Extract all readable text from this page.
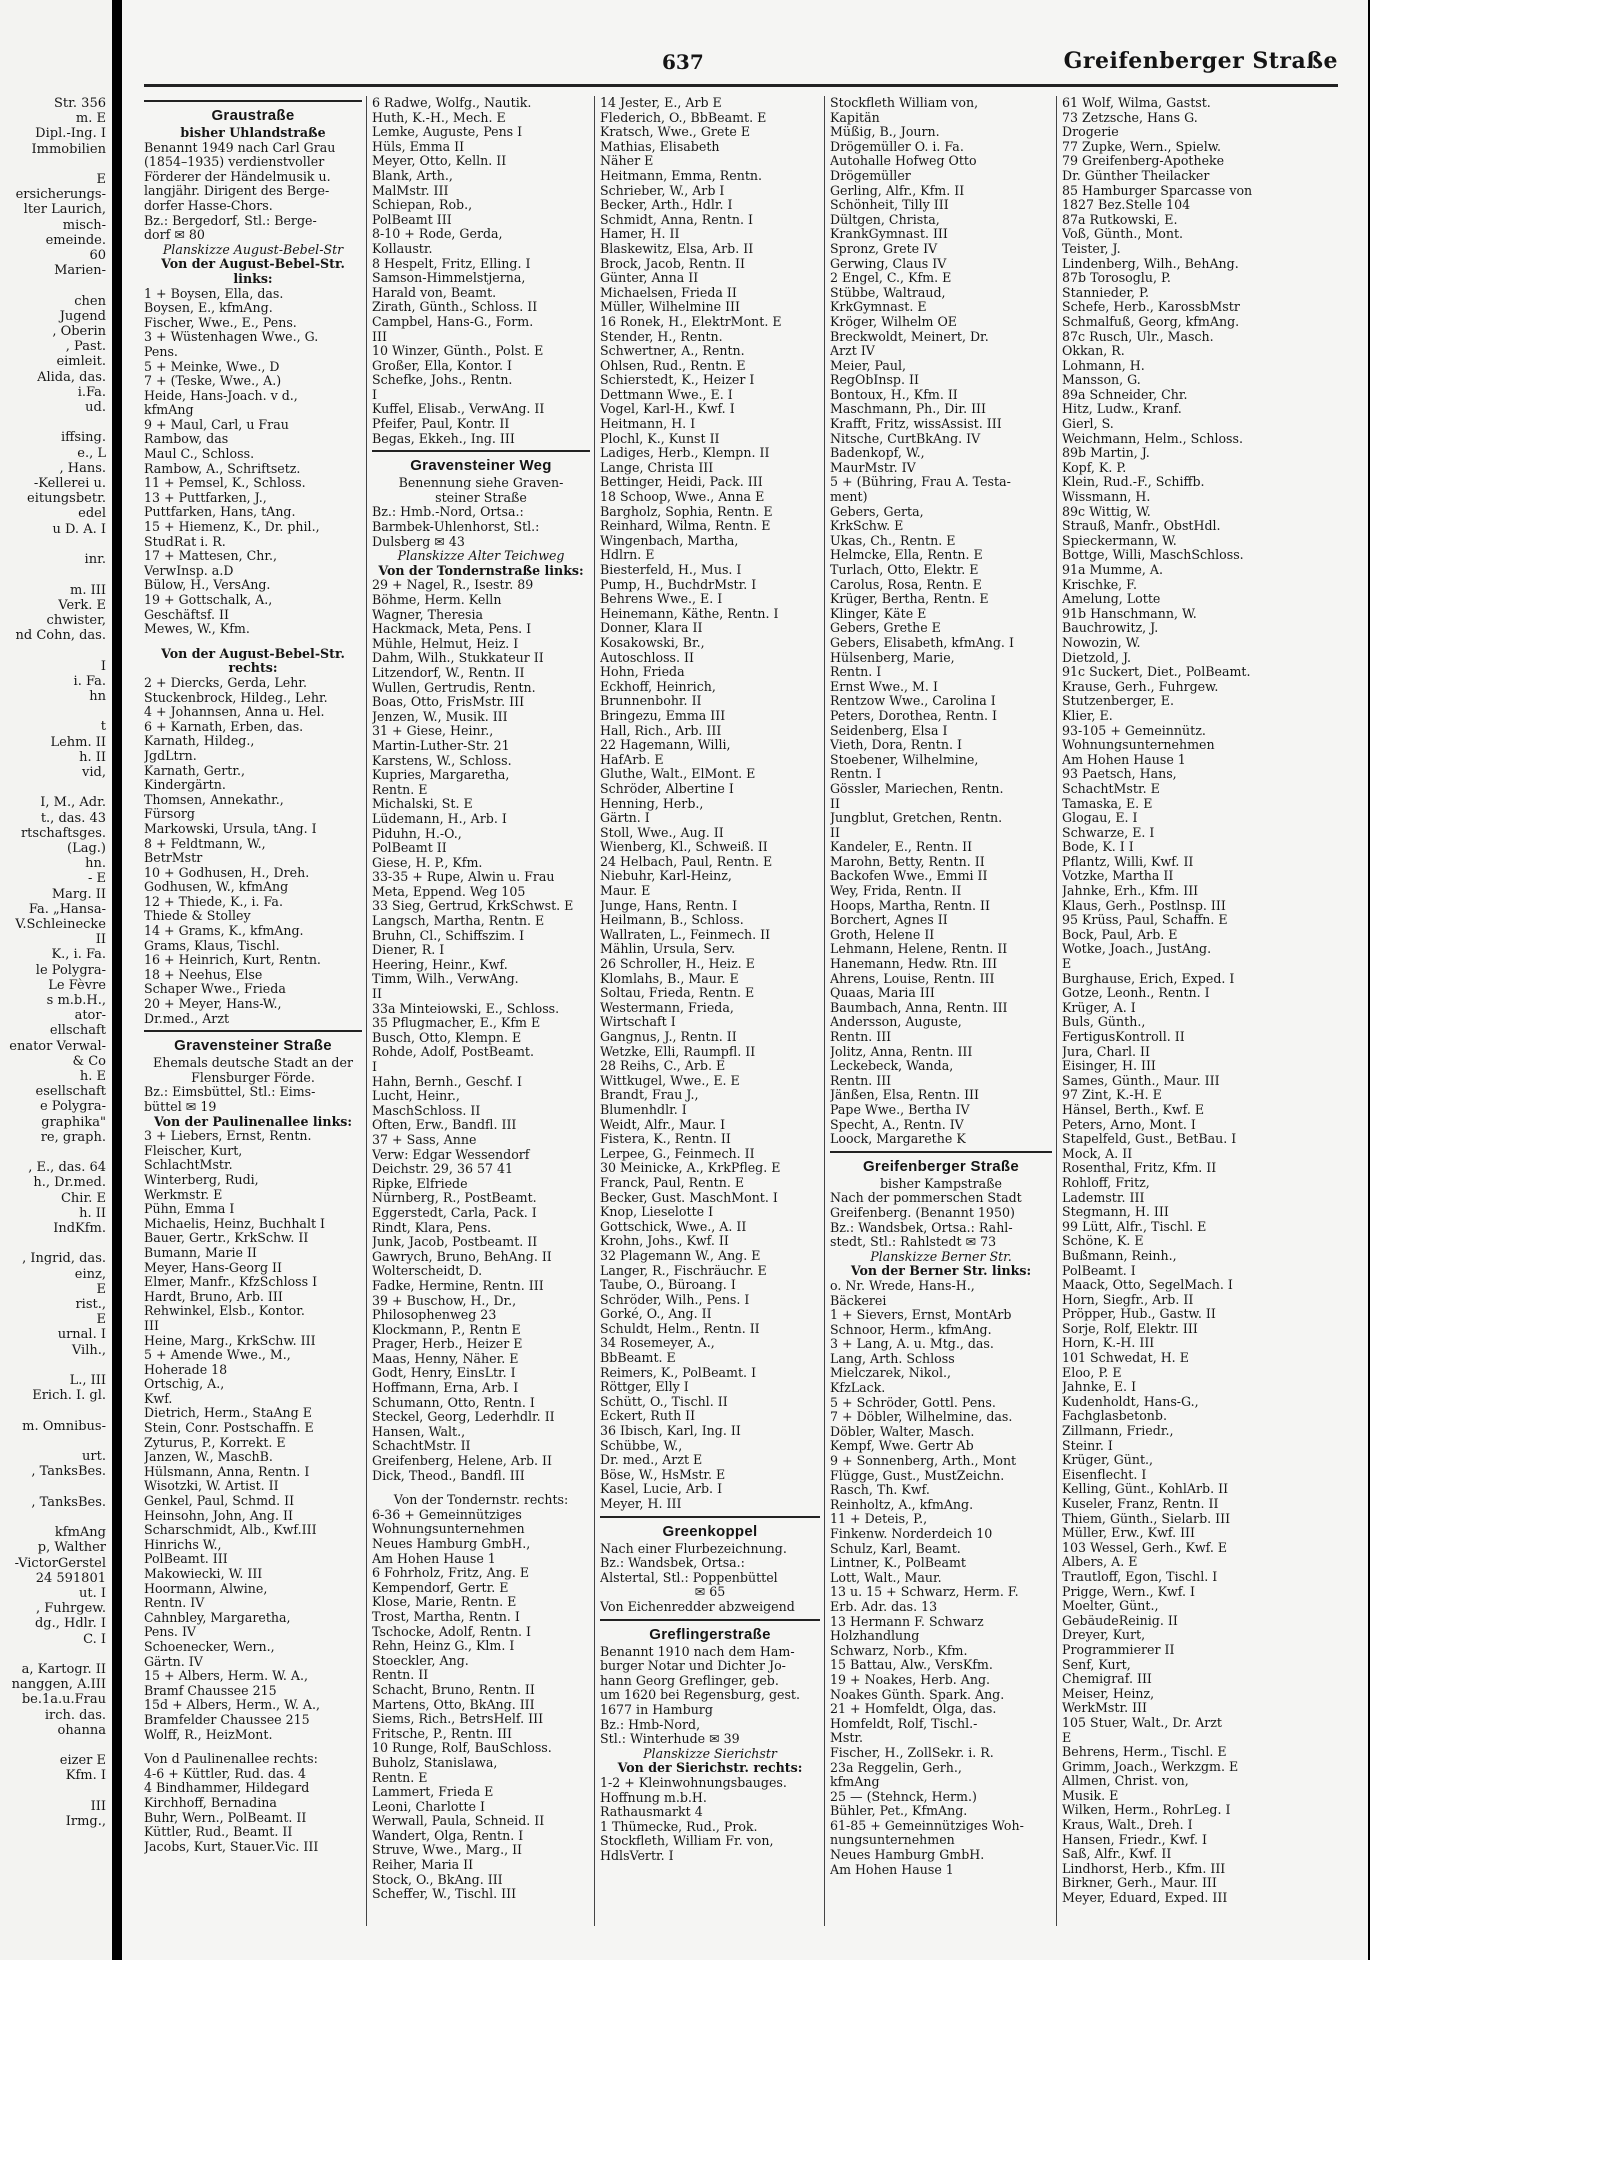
Str. 356
m. E
Dipl.-Ing. I
Immobilien

E
ersicherungs-
lter Laurich,
misch-
emeinde.
60
Marien-

chen
Jugend
, Oberin
, Past.
eimleit.
Alida, das.
i.Fa.
ud.

iffsing.
e., L
, Hans.
-Kellerei u.
eitungsbetr.
edel
u D. A. I

inr.

m. III
Verk. E
chwister,
nd Cohn, das.

I
i. Fa.
hn

t
Lehm. II
h. II
vid,

I, M., Adr.
t., das. 43
rtschaftsges.
(Lag.)
hn.
- E
Marg. II
Fa. „Hansa-
V.Schleinecke
II
K., i. Fa.
le Polygra-
Le Fèvre
s m.b.H.,
ator-
ellschaft
enator Verwal-
& Co
h. E
esellschaft
e Polygra-
graphika"
re, graph.

, E., das. 64
h., Dr.med.
Chir. E
h. II
IndKfm.

, Ingrid, das.
einz,
E
rist.,
E
urnal. I
Vilh.,

L., III
Erich. I. gl.

m. Omnibus-

urt.
, TanksBes.

, TanksBes.

kfmAng
p, Walther
-VictorGerstel
24 591801
ut. I
, Fuhrgew.
dg., Hdlr. I
C. I

a, Kartogr. II
nanggen, A.III
be.1a.u.Frau
irch. das.
ohanna

eizer E
Kfm. I

III
Irmg.,
637	Greifenberger Straße
Graustraße
bisher Uhlandstraße
Benannt 1949 nach Carl Grau
(1854–1935) verdienstvoller
Förderer der Händelmusik u.
langjähr. Dirigent des Berge-
dorfer Hasse-Chors.
Bz.: Bergedorf, Stl.: Berge-
dorf ✉ 80
Planskizze August-Bebel-Str
Von der August-Bebel-Str.
links:
1 + Boysen, Ella, das.
Boysen, E., kfmAng.
Fischer, Wwe., E., Pens.
3 + Wüstenhagen Wwe., G.
Pens.
5 + Meinke, Wwe., D
7 + (Teske, Wwe., A.)
Heide, Hans-Joach. v d.,
kfmAng
9 + Maul, Carl, u Frau
Rambow, das
Maul C., Schloss.
Rambow, A., Schriftsetz.
11 + Pemsel, K., Schloss.
13 + Puttfarken, J.,
Puttfarken, Hans, tAng.
15 + Hiemenz, K., Dr. phil.,
StudRat i. R.
17 + Mattesen, Chr.,
VerwInsp. a.D
Bülow, H., VersAng.
19 + Gottschalk, A.,
Geschäftsf. II
Mewes, W., Kfm.
Von der August-Bebel-Str.
rechts:
2 + Diercks, Gerda, Lehr.
Stuckenbrock, Hildeg., Lehr.
4 + Johannsen, Anna u. Hel.
6 + Karnath, Erben, das.
Karnath, Hildeg.,
JgdLtrn.
Karnath, Gertr.,
Kindergärtn.
Thomsen, Annekathr.,
Fürsorg
Markowski, Ursula, tAng. I
8 + Feldtmann, W.,
BetrMstr
10 + Godhusen, H., Dreh.
Godhusen, W., kfmAng
12 + Thiede, K., i. Fa.
Thiede & Stolley
14 + Grams, K., kfmAng.
Grams, Klaus, Tischl.
16 + Heinrich, Kurt, Rentn.
18 + Neehus, Else
Schaper Wwe., Frieda
20 + Meyer, Hans-W.,
Dr.med., Arzt
Gravensteiner Straße
Ehemals deutsche Stadt an der
Flensburger Förde.
Bz.: Eimsbüttel, Stl.: Eims-
büttel ✉ 19
Von der Paulinenallee links:
3 + Liebers, Ernst, Rentn.
Fleischer, Kurt,
SchlachtMstr.
Winterberg, Rudi,
Werkmstr. E
Pühn, Emma I
Michaelis, Heinz, Buchhalt I
Bauer, Gertr., KrkSchw. II
Bumann, Marie II
Meyer, Hans-Georg II
Elmer, Manfr., KfzSchloss I
Hardt, Bruno, Arb. III
Rehwinkel, Elsb., Kontor.
III
Heine, Marg., KrkSchw. III
5 + Amende Wwe., M.,
Hoherade 18
Ortschig, A.,
Kwf.
Dietrich, Herm., StaAng E
Stein, Conr. Postschaffn. E
Zyturus, P., Korrekt. E
Janzen, W., MaschB.
Hülsmann, Anna, Rentn. I
Wisotzki, W. Artist. II
Genkel, Paul, Schmd. II
Heinsohn, John, Ang. II
Scharschmidt, Alb., Kwf.III
Hinrichs W.,
PolBeamt. III
Makowiecki, W. III
Hoormann, Alwine,
Rentn. IV
Cahnbley, Margaretha,
Pens. IV
Schoenecker, Wern.,
Gärtn. IV
15 + Albers, Herm. W. A.,
Bramf Chaussee 215
15d + Albers, Herm., W. A.,
Bramfelder Chaussee 215
Wolff, R., HeizMont.
Von d Paulinenallee rechts:
4-6 + Küttler, Rud. das. 4
4 Bindhammer, Hildegard
Kirchhoff, Bernadina
Buhr, Wern., PolBeamt. II
Küttler, Rud., Beamt. II
Jacobs, Kurt, Stauer.Vic. III
6 Radwe, Wolfg., Nautik.
Huth, K.-H., Mech. E
Lemke, Auguste, Pens I
Hüls, Emma II
Meyer, Otto, Kelln. II
Blank, Arth.,
MalMstr. III
Schiepan, Rob.,
PolBeamt III
8-10 + Rode, Gerda,
Kollaustr.
8 Hespelt, Fritz, Elling. I
Samson-Himmelstjerna,
Harald von, Beamt.
Zirath, Günth., Schloss. II
Campbel, Hans-G., Form.
III
10 Winzer, Günth., Polst. E
Großer, Ella, Kontor. I
Schefke, Johs., Rentn.
I
Kuffel, Elisab., VerwAng. II
Pfeifer, Paul, Kontr. II
Begas, Ekkeh., Ing. III
Gravensteiner Weg
Benennung siehe Graven-
steiner Straße
Bz.: Hmb.-Nord, Ortsa.:
Barmbek-Uhlenhorst, Stl.:
Dulsberg ✉ 43
Planskizze Alter Teichweg
Von der Tondernstraße links:
29 + Nagel, R., Isestr. 89
Böhme, Herm. Kelln
Wagner, Theresia
Hackmack, Meta, Pens. I
Mühle, Helmut, Heiz. I
Dahm, Wilh., Stukkateur II
Litzendorf, W., Rentn. II
Wullen, Gertrudis, Rentn.
Boas, Otto, FrisMstr. III
Jenzen, W., Musik. III
31 + Giese, Heinr.,
Martin-Luther-Str. 21
Karstens, W., Schloss.
Kupries, Margaretha,
Rentn. E
Michalski, St. E
Lüdemann, H., Arb. I
Piduhn, H.-O.,
PolBeamt II
Giese, H. P., Kfm.
33-35 + Rupe, Alwin u. Frau
Meta, Eppend. Weg 105
33 Sieg, Gertrud, KrkSchwst. E
Langsch, Martha, Rentn. E
Bruhn, Cl., Schiffszim. I
Diener, R. I
Heering, Heinr., Kwf.
Timm, Wilh., VerwAng.
II
33a Minteiowski, E., Schloss.
35 Pflugmacher, E., Kfm E
Busch, Otto, Klempn. E
Rohde, Adolf, PostBeamt.
I
Hahn, Bernh., Geschf. I
Lucht, Heinr.,
MaschSchloss. II
Often, Erw., Bandfl. III
37 + Sass, Anne
Verw: Edgar Wessendorf
Deichstr. 29, 36 57 41
Ripke, Elfriede
Nürnberg, R., PostBeamt.
Eggerstedt, Carla, Pack. I
Rindt, Klara, Pens.
Junk, Jacob, Postbeamt. II
Gawrych, Bruno, BehAng. II
Wolterscheidt, D.
Fadke, Hermine, Rentn. III
39 + Buschow, H., Dr.,
Philosophenweg 23
Klockmann, P., Rentn E
Prager, Herb., Heizer E
Maas, Henny, Näher. E
Godt, Henry, EinsLtr. I
Hoffmann, Erna, Arb. I
Schumann, Otto, Rentn. I
Steckel, Georg, Lederhdlr. II
Hansen, Walt.,
SchachtMstr. II
Greifenberg, Helene, Arb. II
Dick, Theod., Bandfl. III
Von der Tondernstr. rechts:
6-36 + Gemeinnütziges
Wohnungsunternehmen
Neues Hamburg GmbH.,
Am Hohen Hause 1
6 Fohrholz, Fritz, Ang. E
Kempendorf, Gertr. E
Klose, Marie, Rentn. E
Trost, Martha, Rentn. I
Tschocke, Adolf, Rentn. I
Rehn, Heinz G., Klm. I
Stoeckler, Ang.
Rentn. II
Schacht, Bruno, Rentn. II
Martens, Otto, BkAng. III
Siems, Rich., BetrsHelf. III
Fritsche, P., Rentn. III
10 Runge, Rolf, BauSchloss.
Buholz, Stanislawa,
Rentn. E
Lammert, Frieda E
Leoni, Charlotte I
Werwall, Paula, Schneid. II
Wandert, Olga, Rentn. I
Struve, Wwe., Marg., II
Reiher, Maria II
Stock, O., BkAng. III
Scheffer, W., Tischl. III
14 Jester, E., Arb E
Flederich, O., BbBeamt. E
Kratsch, Wwe., Grete E
Mathias, Elisabeth
Näher E
Heitmann, Emma, Rentn.
Schrieber, W., Arb I
Becker, Arth., Hdlr. I
Schmidt, Anna, Rentn. I
Hamer, H. II
Blaskewitz, Elsa, Arb. II
Brock, Jacob, Rentn. II
Günter, Anna II
Michaelsen, Frieda II
Müller, Wilhelmine III
16 Ronek, H., ElektrMont. E
Stender, H., Rentn.
Schwertner, A., Rentn.
Ohlsen, Rud., Rentn. E
Schierstedt, K., Heizer I
Dettmann Wwe., E. I
Vogel, Karl-H., Kwf. I
Heitmann, H. I
Plochl, K., Kunst II
Ladiges, Herb., Klempn. II
Lange, Christa III
Bettinger, Heidi, Pack. III
18 Schoop, Wwe., Anna E
Bargholz, Sophia, Rentn. E
Reinhard, Wilma, Rentn. E
Wingenbach, Martha,
Hdlrn. E
Biesterfeld, H., Mus. I
Pump, H., BuchdrMstr. I
Behrens Wwe., E. I
Heinemann, Käthe, Rentn. I
Donner, Klara II
Kosakowski, Br.,
Autoschloss. II
Hohn, Frieda
Eckhoff, Heinrich,
Brunnenbohr. II
Bringezu, Emma III
Hall, Rich., Arb. III
22 Hagemann, Willi,
HafArb. E
Gluthe, Walt., ElMont. E
Schröder, Albertine I
Henning, Herb.,
Gärtn. I
Stoll, Wwe., Aug. II
Wienberg, Kl., Schweiß. II
24 Helbach, Paul, Rentn. E
Niebuhr, Karl-Heinz,
Maur. E
Junge, Hans, Rentn. I
Heilmann, B., Schloss.
Wallraten, L., Feinmech. II
Mählin, Ursula, Serv.
26 Schroller, H., Heiz. E
Klomlahs, B., Maur. E
Soltau, Frieda, Rentn. E
Westermann, Frieda,
Wirtschaft I
Gangnus, J., Rentn. II
Wetzke, Elli, Raumpfl. II
28 Reihs, C., Arb. E
Wittkugel, Wwe., E. E
Brandt, Frau J.,
Blumenhdlr. I
Weidt, Alfr., Maur. I
Fistera, K., Rentn. II
Lerpee, G., Feinmech. II
30 Meinicke, A., KrkPfleg. E
Franck, Paul, Rentn. E
Becker, Gust. MaschMont. I
Knop, Lieselotte I
Gottschick, Wwe., A. II
Krohn, Johs., Kwf. II
32 Plagemann W., Ang. E
Langer, R., Fischräuchr. E
Taube, O., Büroang. I
Schröder, Wilh., Pens. I
Gorké, O., Ang. II
Schuldt, Helm., Rentn. II
34 Rosemeyer, A.,
BbBeamt. E
Reimers, K., PolBeamt. I
Röttger, Elly I
Schütt, O., Tischl. II
Eckert, Ruth II
36 Ibisch, Karl, Ing. II
Schübbe, W.,
Dr. med., Arzt E
Böse, W., HsMstr. E
Kasel, Lucie, Arb. I
Meyer, H. III
Greenkoppel
Nach einer Flurbezeichnung.
Bz.: Wandsbek, Ortsa.:
Alstertal, Stl.: Poppenbüttel
✉ 65
Von Eichenredder abzweigend
Greflingerstraße
Benannt 1910 nach dem Ham-
burger Notar und Dichter Jo-
hann Georg Greflinger, geb.
um 1620 bei Regensburg, gest.
1677 in Hamburg
Bz.: Hmb-Nord,
Stl.: Winterhude ✉ 39
Planskizze Sierichstr
Von der Sierichstr. rechts:
1-2 + Kleinwohnungsbauges.
Hoffnung m.b.H.
Rathausmarkt 4
1 Thümecke, Rud., Prok.
Stockfleth, William Fr. von,
HdlsVertr. I
Stockfleth William von,
Kapitän
Müßig, B., Journ.
Drögemüller O. i. Fa.
Autohalle Hofweg Otto
Drögemüller
Gerling, Alfr., Kfm. II
Schönheit, Tilly III
Dültgen, Christa,
KrankGymnast. III
Spronz, Grete IV
Gerwing, Claus IV
2 Engel, C., Kfm. E
Stübbe, Waltraud,
KrkGymnast. E
Kröger, Wilhelm OE
Breckwoldt, Meinert, Dr.
Arzt IV
Meier, Paul,
RegObInsp. II
Bontoux, H., Kfm. II
Maschmann, Ph., Dir. III
Krafft, Fritz, wissAssist. III
Nitsche, CurtBkAng. IV
Badenkopf, W.,
MaurMstr. IV
5 + (Bühring, Frau A. Testa-
ment)
Gebers, Gerta,
KrkSchw. E
Ukas, Ch., Rentn. E
Helmcke, Ella, Rentn. E
Turlach, Otto, Elektr. E
Carolus, Rosa, Rentn. E
Krüger, Bertha, Rentn. E
Klinger, Käte E
Gebers, Grethe E
Gebers, Elisabeth, kfmAng. I
Hülsenberg, Marie,
Rentn. I
Ernst Wwe., M. I
Rentzow Wwe., Carolina I
Peters, Dorothea, Rentn. I
Seidenberg, Elsa I
Vieth, Dora, Rentn. I
Stoebener, Wilhelmine,
Rentn. I
Gössler, Mariechen, Rentn.
II
Jungblut, Gretchen, Rentn.
II
Kandeler, E., Rentn. II
Marohn, Betty, Rentn. II
Backofen Wwe., Emmi II
Wey, Frida, Rentn. II
Hoops, Martha, Rentn. II
Borchert, Agnes II
Groth, Helene II
Lehmann, Helene, Rentn. II
Hanemann, Hedw. Rtn. III
Ahrens, Louise, Rentn. III
Quaas, Maria III
Baumbach, Anna, Rentn. III
Andersson, Auguste,
Rentn. III
Jolitz, Anna, Rentn. III
Leckebeck, Wanda,
Rentn. III
Jänßen, Elsa, Rentn. III
Pape Wwe., Bertha IV
Specht, A., Rentn. IV
Loock, Margarethe K
Greifenberger Straße
bisher Kampstraße
Nach der pommerschen Stadt
Greifenberg. (Benannt 1950)
Bz.: Wandsbek, Ortsa.: Rahl-
stedt, Stl.: Rahlstedt ✉ 73
Planskizze Berner Str.
Von der Berner Str. links:
o. Nr. Wrede, Hans-H.,
Bäckerei
1 + Sievers, Ernst, MontArb
Schnoor, Herm., kfmAng.
3 + Lang, A. u. Mtg., das.
Lang, Arth. Schloss
Mielczarek, Nikol.,
KfzLack.
5 + Schröder, Gottl. Pens.
7 + Döbler, Wilhelmine, das.
Döbler, Walter, Masch.
Kempf, Wwe. Gertr Ab
9 + Sonnenberg, Arth., Mont
Flügge, Gust., MustZeichn.
Rasch, Th. Kwf.
Reinholtz, A., kfmAng.
11 + Deteis, P.,
Finkenw. Norderdeich 10
Schulz, Karl, Beamt.
Lintner, K., PolBeamt
Lott, Walt., Maur.
13 u. 15 + Schwarz, Herm. F.
Erb. Adr. das. 13
13 Hermann F. Schwarz
Holzhandlung
Schwarz, Norb., Kfm.
15 Battau, Alw., VersKfm.
19 + Noakes, Herb. Ang.
Noakes Günth. Spark. Ang.
21 + Homfeldt, Olga, das.
Homfeldt, Rolf, Tischl.-
Mstr.
Fischer, H., ZollSekr. i. R.
23a Reggelin, Gerh.,
kfmAng
25 — (Stehnck, Herm.)
Bühler, Pet., KfmAng.
61-85 + Gemeinnütziges Woh-
nungsunternehmen
Neues Hamburg GmbH.
Am Hohen Hause 1
61 Wolf, Wilma, Gastst.
73 Zetzsche, Hans G.
Drogerie
77 Zupke, Wern., Spielw.
79 Greifenberg-Apotheke
Dr. Günther Theilacker
85 Hamburger Sparcasse von
1827 Bez.Stelle 104
87a Rutkowski, E.
Voß, Günth., Mont.
Teister, J.
Lindenberg, Wilh., BehAng.
87b Torosoglu, P.
Stannieder, P.
Schefe, Herb., KarossbMstr
Schmalfuß, Georg, kfmAng.
87c Rusch, Ulr., Masch.
Okkan, R.
Lohmann, H.
Mansson, G.
89a Schneider, Chr.
Hitz, Ludw., Kranf.
Gierl, S.
Weichmann, Helm., Schloss.
89b Martin, J.
Kopf, K. P.
Klein, Rud.-F., Schiffb.
Wissmann, H.
89c Wittig, W.
Strauß, Manfr., ObstHdl.
Spieckermann, W.
Bottge, Willi, MaschSchloss.
91a Mumme, A.
Krischke, F.
Amelung, Lotte
91b Hanschmann, W.
Bauchrowitz, J.
Nowozin, W.
Dietzold, J.
91c Suckert, Diet., PolBeamt.
Krause, Gerh., Fuhrgew.
Stutzenberger, E.
Klier, E.
93-105 + Gemeinnütz.
Wohnungsunternehmen
Am Hohen Hause 1
93 Paetsch, Hans,
SchachtMstr. E
Tamaska, E. E
Glogau, E. I
Schwarze, E. I
Bode, K. I I
Pflantz, Willi, Kwf. II
Votzke, Martha II
Jahnke, Erh., Kfm. III
Klaus, Gerh., Postlnsp. III
95 Krüss, Paul, Schaffn. E
Bock, Paul, Arb. E
Wotke, Joach., JustAng.
E
Burghause, Erich, Exped. I
Gotze, Leonh., Rentn. I
Krüger, A. I
Buls, Günth.,
FertigusKontroll. II
Jura, Charl. II
Eisinger, H. III
Sames, Günth., Maur. III
97 Zint, K.-H. E
Hänsel, Berth., Kwf. E
Peters, Arno, Mont. I
Stapelfeld, Gust., BetBau. I
Mock, A. II
Rosenthal, Fritz, Kfm. II
Rohloff, Fritz,
Lademstr. III
Stegmann, H. III
99 Lütt, Alfr., Tischl. E
Schöne, K. E
Bußmann, Reinh.,
PolBeamt. I
Maack, Otto, SegelMach. I
Horn, Siegfr., Arb. II
Pröpper, Hub., Gastw. II
Sorje, Rolf, Elektr. III
Horn, K.-H. III
101 Schwedat, H. E
Eloo, P. E
Jahnke, E. I
Kudenholdt, Hans-G.,
Fachglasbetonb.
Zillmann, Friedr.,
Steinr. I
Krüger, Günt.,
Eisenflecht. I
Kelling, Günt., KohlArb. II
Kuseler, Franz, Rentn. II
Thiem, Günth., Sielarb. III
Müller, Erw., Kwf. III
103 Wessel, Gerh., Kwf. E
Albers, A. E
Trautloff, Egon, Tischl. I
Prigge, Wern., Kwf. I
Moelter, Günt.,
GebäudeReinig. II
Dreyer, Kurt,
Programmierer II
Senf, Kurt,
Chemigraf. III
Meiser, Heinz,
WerkMstr. III
105 Stuer, Walt., Dr. Arzt
E
Behrens, Herm., Tischl. E
Grimm, Joach., Werkzgm. E
Allmen, Christ. von,
Musik. E
Wilken, Herm., RohrLeg. I
Kraus, Walt., Dreh. I
Hansen, Friedr., Kwf. I
Saß, Alfr., Kwf. II
Lindhorst, Herb., Kfm. III
Birkner, Gerh., Maur. III
Meyer, Eduard, Exped. III
